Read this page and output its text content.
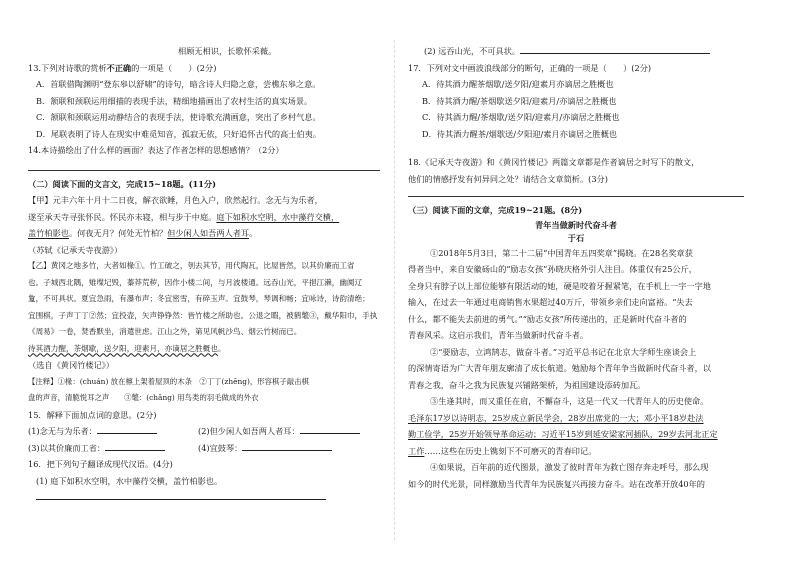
相顾无相识，长歌怀采薇。
13.下列对诗歌的赏析不正确的一项是（　　）(2分)
A．首联借陶渊明“登东皋以舒啸”的诗句，暗含诗人归隐之意，尝樵东皋之意。
B．颔联和颈联运用细描的表现手法，精细地描画出了农村生活的真实场景。
C．颔联和颈联运用动静结合的表现手法，使诗歌充满画意，突出了乡村气息。
D．尾联表明了诗人在现实中难觅知音，孤寂无依，只好追怀古代的高士伯夷。
14.本诗描绘出了什么样的画面？表达了作者怎样的思想感情？（2分）
（二）阅读下面的文言文，完成15~18题。(11分)
【甲】元丰六年十月十二日夜，解衣欲睡，月色入户，欣然起行。念无与为乐者，
遂至承天寺寻张怀民。怀民亦未寝，相与步于中庭。庭下如积水空明，水中藻荇交横，
盖竹柏影也。何夜无月？何处无竹柏？但少闲人如吾两人者耳。
（苏轼《记承天寺夜游》）
【乙】黄冈之地多竹，大者如椽①。竹工破之，刳去其节，用代陶瓦，比屋皆然，以其价廉而工省
也。子城西北隅，雉堞圮毁，蓁莽荒秽，因作小楼二间，与月波楼通。远吞山光，平挹江濑，幽阒辽
夐，不可具状。夏宜急雨，有瀑布声；冬宜密雪，有碎玉声。宜鼓琴，琴调和畅；宜咏诗，诗韵清绝；
宜围棋，子声丁丁②然；宜投壶，矢声铮铮然：皆竹楼之所助也。公退之暇，被鹤氅③，戴华阳巾，手执
《周易》一卷，焚香默坐，消遣世虑。江山之外，第见风帆沙鸟、烟云竹树而已。
待其酒力醒，茶烟歇，送夕阳，迎素月，亦谪居之胜概也。
（选自《黄冈竹楼记》）
【注释】①椽：(chuán) 放在檩上架着屋顶的木条　②丁丁(zhēng)，形容棋子敲击棋
盘的声音，清脆悦耳之声　　③氅：(chǎng) 用鸟类的羽毛做成的外衣
15．解释下面加点词的意思。(2分)
(1)念无与为乐者：	(2)但少闲人如吾两人者耳：
(3)以其价廉而工省：	(4)宜鼓琴：
16．把下列句子翻译成现代汉语。(4分)
(1) 庭下如积水空明，水中藻荇交横，盖竹柏影也。
(2) 远吞山光，不可具状。
17．下列对文中画波浪线部分的断句，正确的一项是（　　）(2分)
A．待其酒力醒茶烟歇/送夕阳/迎素月亦谪居之胜概也
B．待其酒力醒/茶烟歇送夕阳/迎素月/亦谪居之胜概也
C．待其酒力醒/茶烟歇/送夕阳/迎素月/亦谪居之胜概也
D．待其酒力醒茶/烟歇送/夕阳迎/素月亦谪居之胜概也
18.《记承天寺夜游》和《黄冈竹楼记》两篇文章都是作者谪居之时写下的散文，
他们的情感抒发有何异同之处？请结合文章简析。(3分)
（三）阅读下面的文章，完成19~21题。(8分)
青年当做新时代奋斗者
于石
①2018年5月3日，第二十二届“中国青年五四奖章”揭晓。在28名奖章获
得者当中，来自安徽砀山的“励志女孩”孙晓庆格外引人注目。体重仅有25公斤，
全身只有脖子以上部位能够有限活动的她，硬是咬着牙握紧笔，在手机上一字一字地
输入，在过去一年通过电商销售水果超过40万斤，带领乡亲们走向富裕。“失去
什么，都不能失去前进的勇气。”“励志女孩”所传递出的，正是新时代奋斗者的
青春风采。这启示我们，青年当做新时代奋斗者。
②“要励志，立鸿鹄志，做奋斗者。”习近平总书记在北京大学师生座谈会上
的深情寄语为广大青年朋友廓清了成长航道。勉励每个青年争当做新时代奋斗者，以
青春之我，奋斗之我为民族复兴铺路架桥，为祖国建设添砖加瓦。
③生逢其时，而又重任在肩，不懈奋斗，这是一代又一代青年人的历史使命。
毛泽东17岁以诗明志，25岁成立新民学会，28岁出席党的一大；邓小平18岁赴法
勤工俭学，25岁开始领导革命运动；习近平15岁到延安梁家河插队，29岁去河北正定
工作……这些在历史上镌刻下不可磨灭的青春印记。
④如果说，百年前的近代图景，激发了彼时青年为救亡图存奔走呼号，那么现
如今的时代光景，同样激励当代青年为民族复兴再接力奋斗。站在改革开放40年的
